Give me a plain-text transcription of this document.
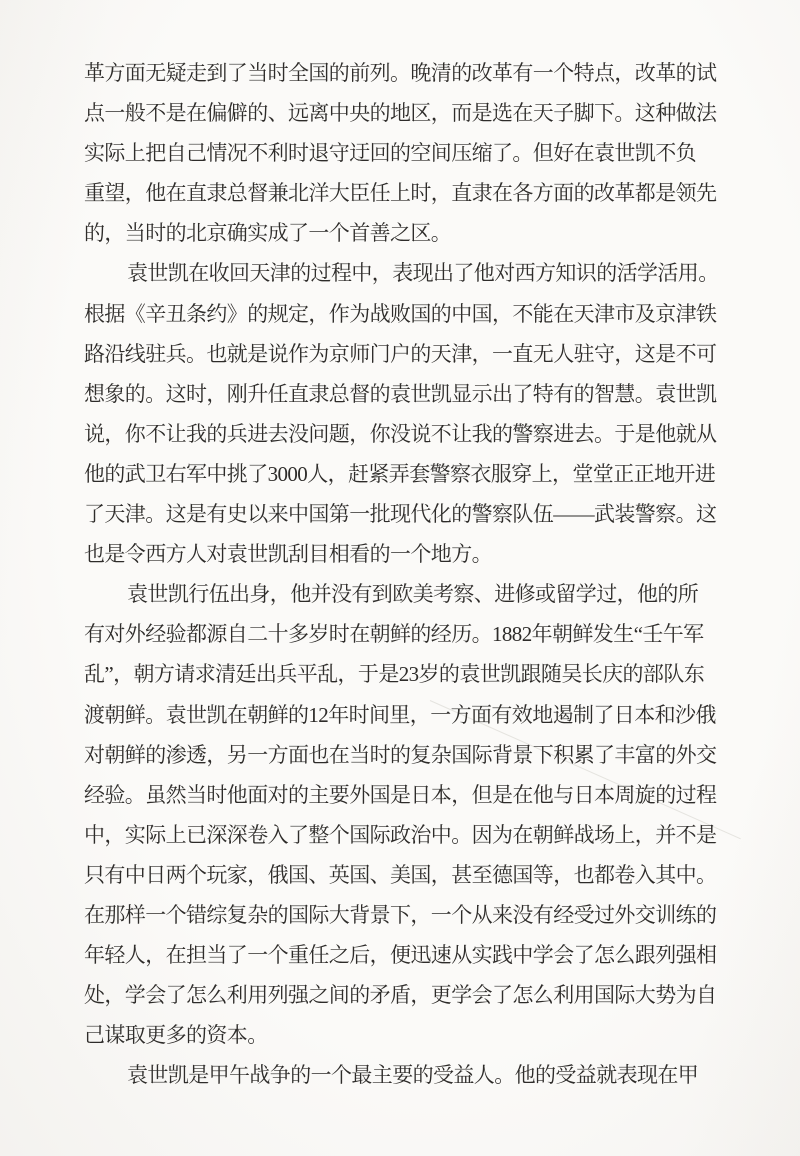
革方面无疑走到了当时全国的前列。晚清的改革有一个特点，改革的试
点一般不是在偏僻的、远离中央的地区，而是选在天子脚下。这种做法
实际上把自己情况不利时退守迂回的空间压缩了。但好在袁世凯不负
重望，他在直隶总督兼北洋大臣任上时，直隶在各方面的改革都是领先
的，当时的北京确实成了一个首善之区。
袁世凯在收回天津的过程中，表现出了他对西方知识的活学活用。
根据《辛丑条约》的规定，作为战败国的中国，不能在天津市及京津铁
路沿线驻兵。也就是说作为京师门户的天津，一直无人驻守，这是不可
想象的。这时，刚升任直隶总督的袁世凯显示出了特有的智慧。袁世凯
说，你不让我的兵进去没问题，你没说不让我的警察进去。于是他就从
他的武卫右军中挑了3000人，赶紧弄套警察衣服穿上，堂堂正正地开进
了天津。这是有史以来中国第一批现代化的警察队伍——武装警察。这
也是令西方人对袁世凯刮目相看的一个地方。
袁世凯行伍出身，他并没有到欧美考察、进修或留学过，他的所
有对外经验都源自二十多岁时在朝鲜的经历。1882年朝鲜发生“壬午军
乱”，朝方请求清廷出兵平乱，于是23岁的袁世凯跟随吴长庆的部队东
渡朝鲜。袁世凯在朝鲜的12年时间里，一方面有效地遏制了日本和沙俄
对朝鲜的渗透，另一方面也在当时的复杂国际背景下积累了丰富的外交
经验。虽然当时他面对的主要外国是日本，但是在他与日本周旋的过程
中，实际上已深深卷入了整个国际政治中。因为在朝鲜战场上，并不是
只有中日两个玩家，俄国、英国、美国，甚至德国等，也都卷入其中。
在那样一个错综复杂的国际大背景下，一个从来没有经受过外交训练的
年轻人，在担当了一个重任之后，便迅速从实践中学会了怎么跟列强相
处，学会了怎么利用列强之间的矛盾，更学会了怎么利用国际大势为自
己谋取更多的资本。
袁世凯是甲午战争的一个最主要的受益人。他的受益就表现在甲
